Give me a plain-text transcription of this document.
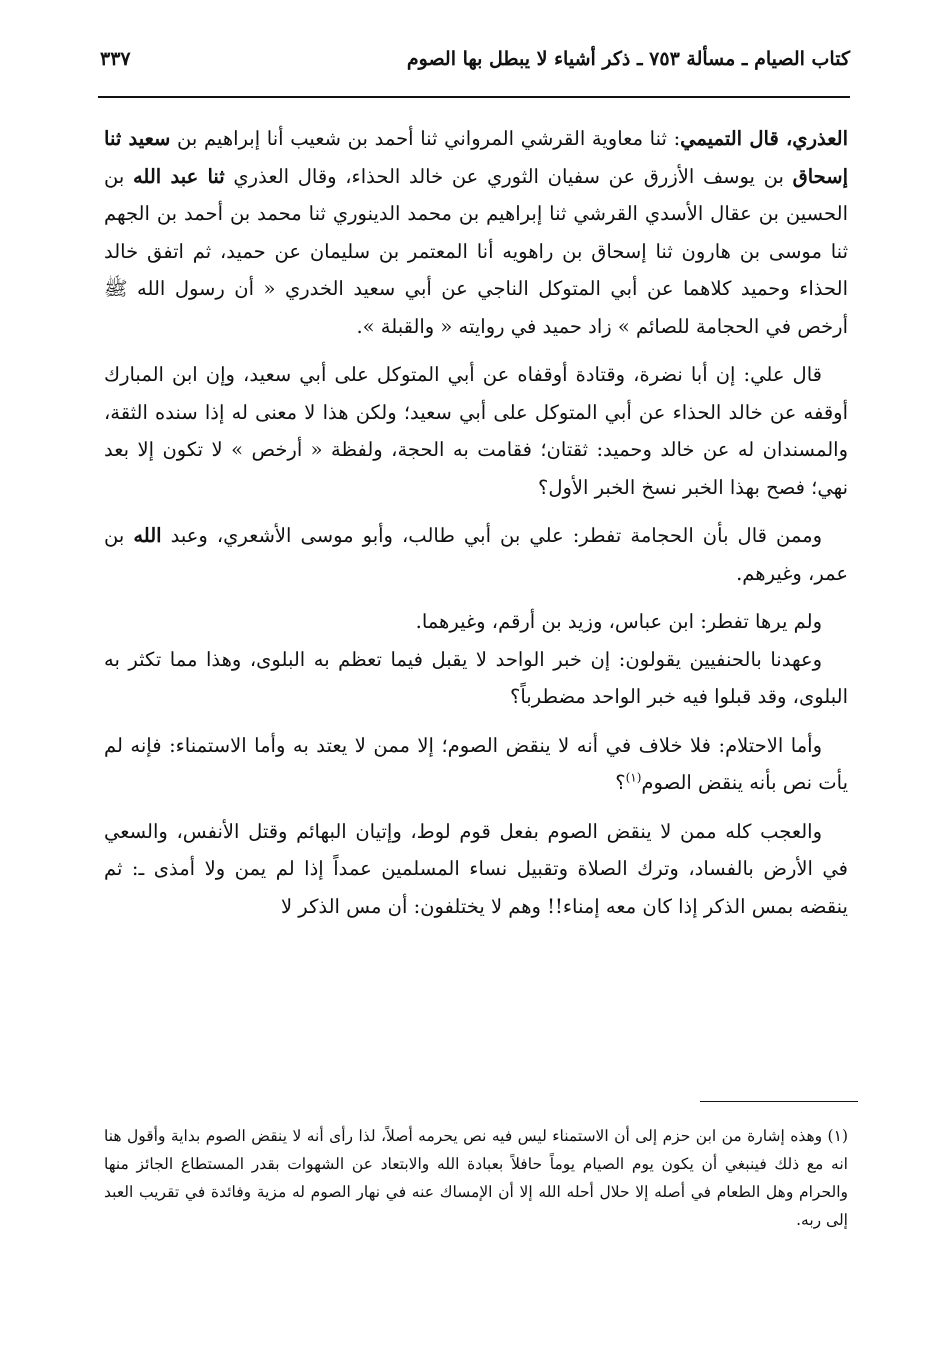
كتاب الصيام ـ مسألة ٧٥٣ ـ ذكر أشياء لا يبطل بها الصوم
٣٣٧

العذري، قال التميمي: ثنا معاوية القرشي المرواني ثنا أحمد بن شعيب أنا إبراهيم بن سعيد ثنا إسحاق بن يوسف الأزرق عن سفيان الثوري عن خالد الحذاء، وقال العذري ثنا عبد الله بن الحسين بن عقال الأسدي القرشي ثنا إبراهيم بن محمد الدينوري ثنا محمد بن أحمد بن الجهم ثنا موسى بن هارون ثنا إسحاق بن راهويه أنا المعتمر بن سليمان عن حميد، ثم اتفق خالد الحذاء وحميد كلاهما عن أبي المتوكل الناجي عن أبي سعيد الخدري « أن رسول الله ﷺ أرخص في الحجامة للصائم » زاد حميد في روايته « والقبلة ».

قال علي: إن أبا نضرة، وقتادة أوقفاه عن أبي المتوكل على أبي سعيد، وإن ابن المبارك أوقفه عن خالد الحذاء عن أبي المتوكل على أبي سعيد؛ ولكن هذا لا معنى له إذا سنده الثقة، والمسندان له عن خالد وحميد: ثقتان؛ فقامت به الحجة، ولفظة « أرخص » لا تكون إلا بعد نهي؛ فصح بهذا الخبر نسخ الخبر الأول؟

وممن قال بأن الحجامة تفطر: علي بن أبي طالب، وأبو موسى الأشعري، وعبد الله بن عمر، وغيرهم.

ولم يرها تفطر: ابن عباس، وزيد بن أرقم، وغيرهما.

وعهدنا بالحنفيين يقولون: إن خبر الواحد لا يقبل فيما تعظم به البلوى، وهذا مما تكثر به البلوى، وقد قبلوا فيه خبر الواحد مضطرباً؟

وأما الاحتلام: فلا خلاف في أنه لا ينقض الصوم؛ إلا ممن لا يعتد به وأما الاستمناء: فإنه لم يأت نص بأنه ينقض الصوم$^{(١)}$؟

والعجب كله ممن لا ينقض الصوم بفعل قوم لوط، وإتيان البهائم وقتل الأنفس، والسعي في الأرض بالفساد، وترك الصلاة وتقبيل نساء المسلمين عمداً إذا لم يمن ولا أمذى ـ: ثم ينقضه بمس الذكر إذا كان معه إمناء!! وهم لا يختلفون: أن مس الذكر لا

(١) وهذه إشارة من ابن حزم إلى أن الاستمناء ليس فيه نص يحرمه أصلاً، لذا رأى أنه لا ينقض الصوم بداية وأقول هنا انه مع ذلك فينبغي أن يكون يوم الصيام يوماً حافلاً بعبادة الله والابتعاد عن الشهوات بقدر المستطاع الجائز منها والحرام وهل الطعام في أصله إلا حلال أحله الله إلا أن الإمساك عنه في نهار الصوم له مزية وفائدة في تقريب العبد إلى ربه.
